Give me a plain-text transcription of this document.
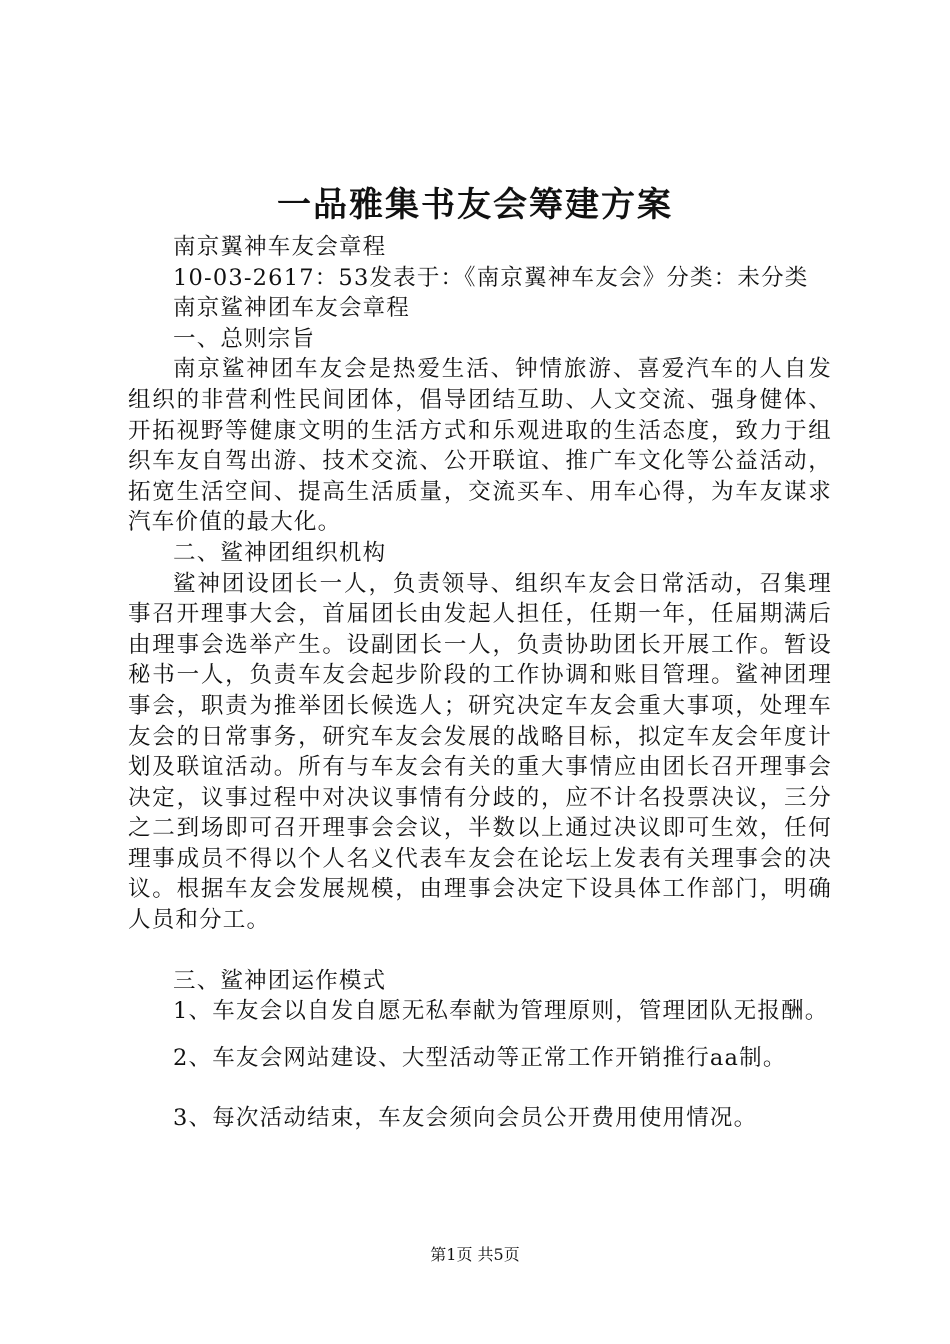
一品雅集书友会筹建方案

南京翼神车友会章程

10-03-2617：53发表于：《南京翼神车友会》分类：未分类

南京鲨神团车友会章程

一、总则宗旨

南京鲨神团车友会是热爱生活、钟情旅游、喜爱汽车的人自发组织的非营利性民间团体，倡导团结互助、人文交流、强身健体、开拓视野等健康文明的生活方式和乐观进取的生活态度，致力于组织车友自驾出游、技术交流、公开联谊、推广车文化等公益活动，拓宽生活空间、提高生活质量，交流买车、用车心得，为车友谋求汽车价值的最大化。

二、鲨神团组织机构

鲨神团设团长一人，负责领导、组织车友会日常活动，召集理事召开理事大会，首届团长由发起人担任，任期一年，任届期满后由理事会选举产生。设副团长一人，负责协助团长开展工作。暂设秘书一人，负责车友会起步阶段的工作协调和账目管理。鲨神团理事会，职责为推举团长候选人；研究决定车友会重大事项，处理车友会的日常事务，研究车友会发展的战略目标，拟定车友会年度计划及联谊活动。所有与车友会有关的重大事情应由团长召开理事会决定，议事过程中对决议事情有分歧的，应不计名投票决议，三分之二到场即可召开理事会会议，半数以上通过决议即可生效，任何理事成员不得以个人名义代表车友会在论坛上发表有关理事会的决议。根据车友会发展规模，由理事会决定下设具体工作部门，明确人员和分工。

三、鲨神团运作模式

1、车友会以自发自愿无私奉献为管理原则，管理团队无报酬。

2、车友会网站建设、大型活动等正常工作开销推行aa制。

3、每次活动结束，车友会须向会员公开费用使用情况。

第1页 共5页
